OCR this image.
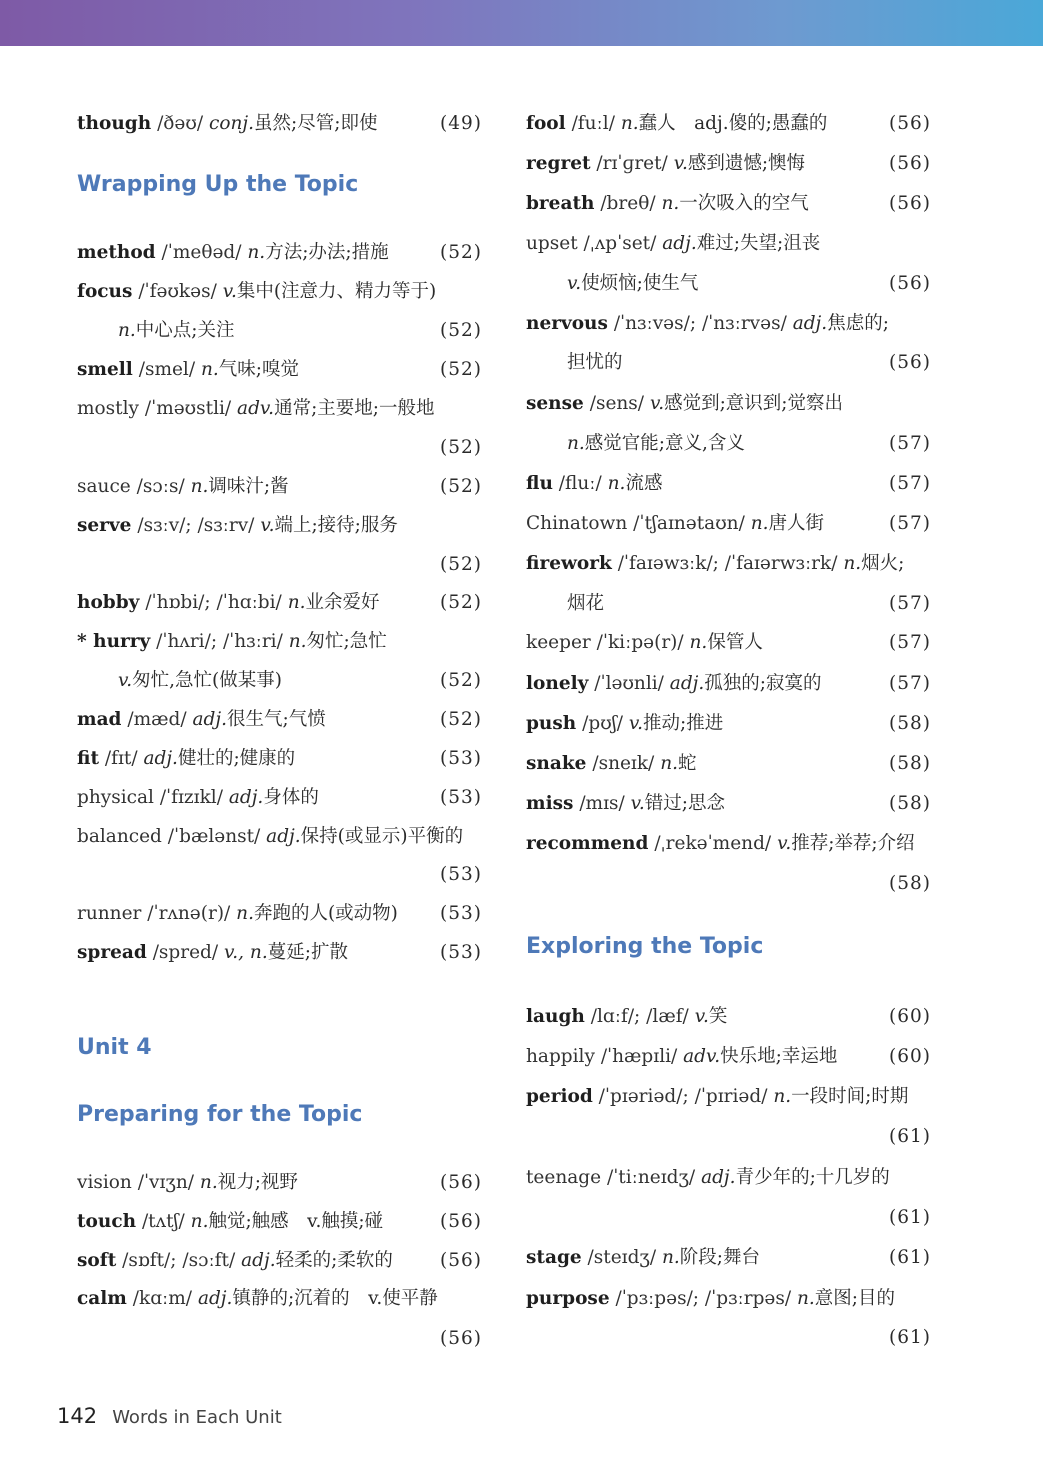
Wrapping Up the Topic
Unit 4
Preparing for the Topic
though /ðəʊ/ conj.虽然;尽管;即使	(49)
method /ˈmeθəd/ n.方法;办法;措施	(52)
focus /ˈfəʊkəs/ v.集中(注意力、精力等于)
n.中心点;关注	(52)
smell /smel/ n.气味;嗅觉	(52)
mostly /ˈməʊstli/ adv.通常;主要地;一般地
(52)
sauce /sɔːs/ n.调味汁;酱	(52)
serve /sɜːv/; /sɜːrv/ v.端上;接待;服务
(52)
hobby /ˈhɒbi/; /ˈhɑːbi/ n.业余爱好	(52)
* hurry /ˈhʌri/; /ˈhɜːri/ n.匆忙;急忙
v.匆忙,急忙(做某事)	(52)
mad /mæd/ adj.很生气;气愤	(52)
fit /fɪt/ adj.健壮的;健康的	(53)
physical /ˈfɪzɪkl/ adj.身体的	(53)
balanced /ˈbælənst/ adj.保持(或显示)平衡的
(53)
runner /ˈrʌnə(r)/ n.奔跑的人(或动物)	(53)
spread /spred/ v., n.蔓延;扩散	(53)
vision /ˈvɪʒn/ n.视力;视野	(56)
touch /tʌtʃ/ n.触觉;触感　v.触摸;碰	(56)
soft /sɒft/; /sɔːft/ adj.轻柔的;柔软的	(56)
calm /kɑːm/ adj.镇静的;沉着的　v.使平静
(56)
Exploring the Topic
fool /fuːl/ n.蠢人　adj.傻的;愚蠢的	(56)
regret /rɪˈɡret/ v.感到遗憾;懊悔	(56)
breath /breθ/ n.一次吸入的空气	(56)
upset /ˌʌpˈset/ adj.难过;失望;沮丧
v.使烦恼;使生气	(56)
nervous /ˈnɜːvəs/; /ˈnɜːrvəs/ adj.焦虑的;
担忧的	(56)
sense /sens/ v.感觉到;意识到;觉察出
n.感觉官能;意义,含义	(57)
flu /fluː/ n.流感	(57)
Chinatown /ˈtʃaɪnətaʊn/ n.唐人街	(57)
firework /ˈfaɪəwɜːk/; /ˈfaɪərwɜːrk/ n.烟火;
烟花	(57)
keeper /ˈkiːpə(r)/ n.保管人	(57)
lonely /ˈləʊnli/ adj.孤独的;寂寞的	(57)
push /pʊʃ/ v.推动;推进	(58)
snake /sneɪk/ n.蛇	(58)
miss /mɪs/ v.错过;思念	(58)
recommend /ˌrekəˈmend/ v.推荐;举荐;介绍
(58)
laugh /lɑːf/; /læf/ v.笑	(60)
happily /ˈhæpɪli/ adv.快乐地;幸运地	(60)
period /ˈpɪəriəd/; /ˈpɪriəd/ n.一段时间;时期
(61)
teenage /ˈtiːneɪdʒ/ adj.青少年的;十几岁的
(61)
stage /steɪdʒ/ n.阶段;舞台	(61)
purpose /ˈpɜːpəs/; /ˈpɜːrpəs/ n.意图;目的
(61)
142 Words in Each Unit
